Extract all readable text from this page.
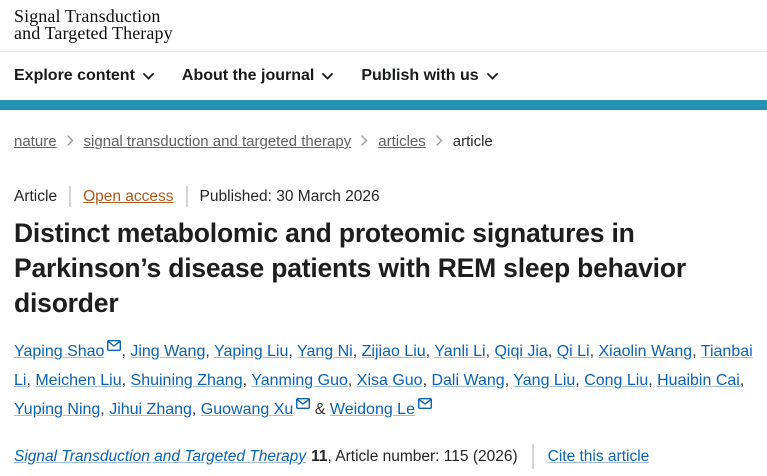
Signal Transduction
and Targeted Therapy
Explore content	About the journal	Publish with us
nature signal transduction and targeted therapy articles article
Article Open access Published: 30 March 2026
Distinct metabolomic and proteomic signatures in Parkinson’s disease patients with REM sleep behavior disorder
Yaping Shao , Jing Wang, Yaping Liu, Yang Ni, Zijiao Liu, Yanli Li, Qiqi Jia, Qi Li, Xiaolin Wang, Tianbai Li, Meichen Liu, Shuining Zhang, Yanming Guo, Xisa Guo, Dali Wang, Yang Liu, Cong Liu, Huaibin Cai, Yuping Ning, Jihui Zhang, Guowang Xu & Weidong Le
Signal Transduction and Targeted Therapy 11 , Article number: 115 (2026) Cite this article
